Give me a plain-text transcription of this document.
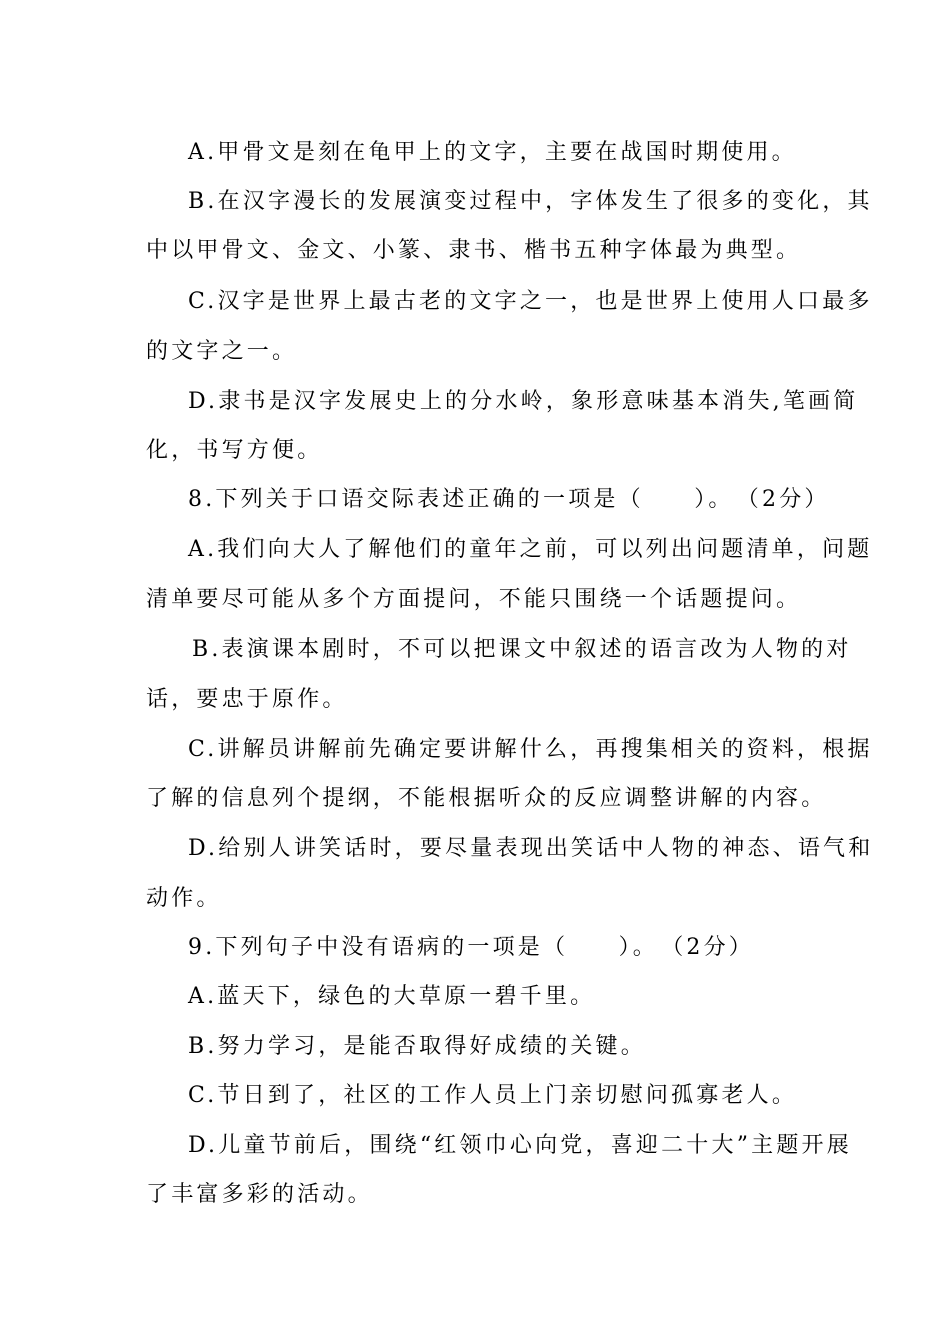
A.甲骨文是刻在龟甲上的文字，主要在战国时期使用。
B.在汉字漫长的发展演变过程中，字体发生了很多的变化，其
中以甲骨文、金文、小篆、隶书、楷书五种字体最为典型。
C.汉字是世界上最古老的文字之一，也是世界上使用人口最多
的文字之一。
D.隶书是汉字发展史上的分水岭，象形意味基本消失,笔画简
化，书写方便。
8.下列关于口语交际表述正确的一项是（　　）。　（2分）
A.我们向大人了解他们的童年之前，可以列出问题清单，问题
清单要尽可能从多个方面提问，不能只围绕一个话题提问。
B.表演课本剧时，不可以把课文中叙述的语言改为人物的对
话，要忠于原作。
C.讲解员讲解前先确定要讲解什么，再搜集相关的资料，根据
了解的信息列个提纲，不能根据听众的反应调整讲解的内容。
D.给别人讲笑话时，要尽量表现出笑话中人物的神态、语气和
动作。
9.下列句子中没有语病的一项是（　　）。　（2分）
A.蓝天下，绿色的大草原一碧千里。
B.努力学习，是能否取得好成绩的关键。
C.节日到了，社区的工作人员上门亲切慰问孤寡老人。
D.儿童节前后，围绕“红领巾心向党，喜迎二十大”主题开展
了丰富多彩的活动。
